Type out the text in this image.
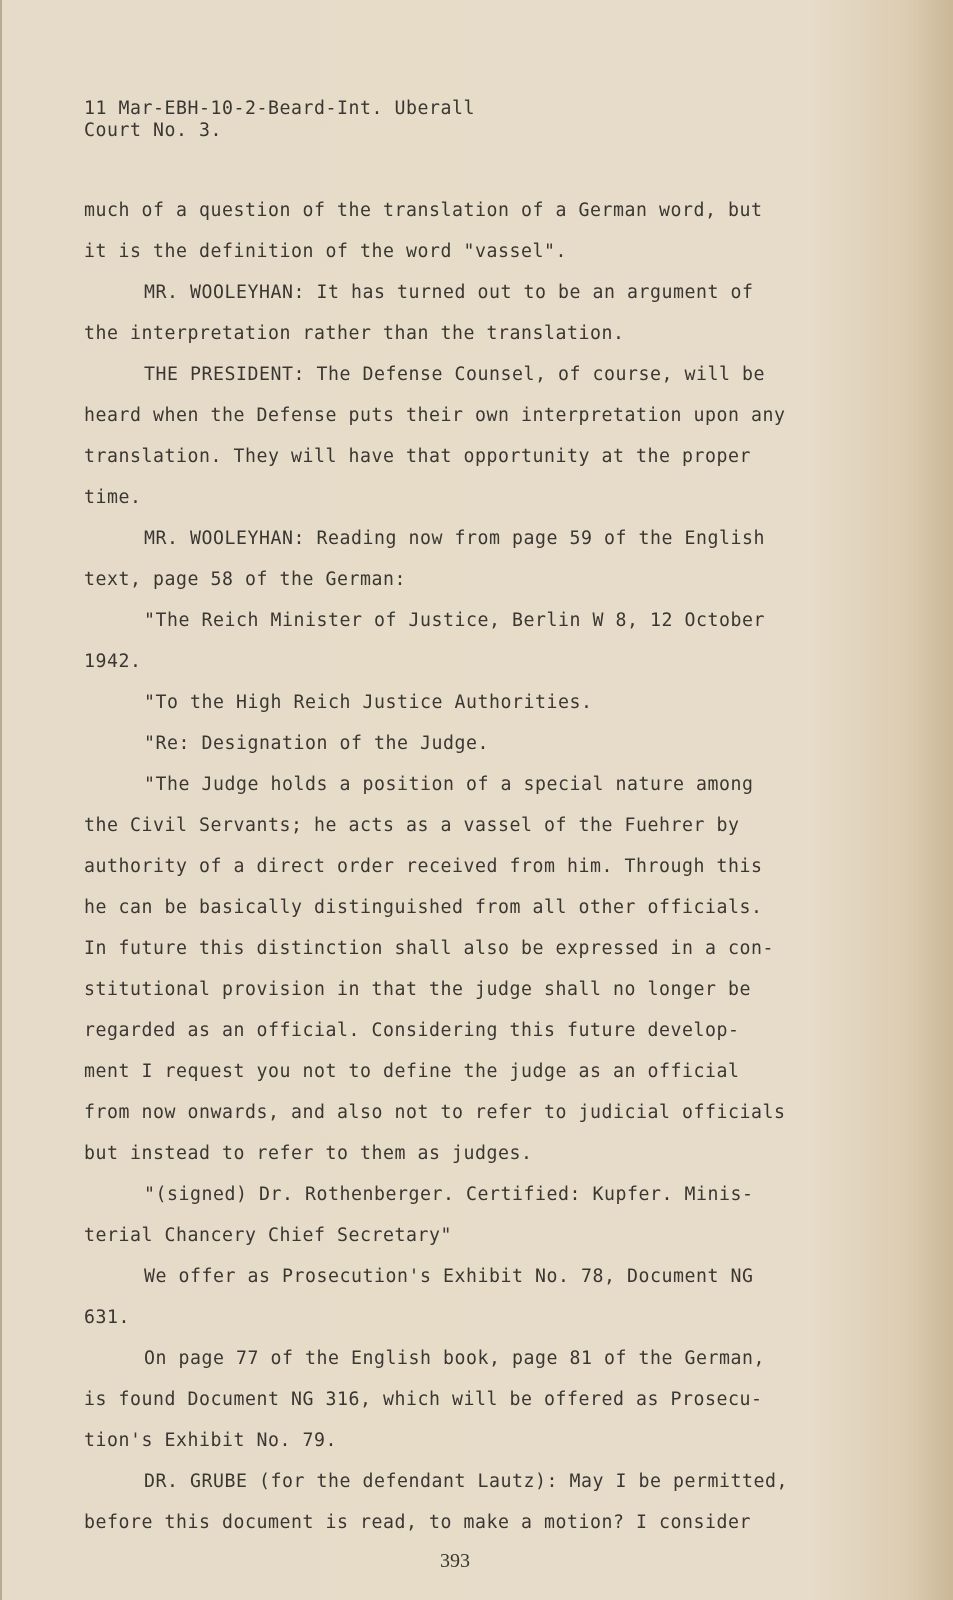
11 Mar-EBH-10-2-Beard-Int. Uberall
Court No. 3.
much of a question of the translation of a German word, but
it is the definition of the word "vassel".
MR. WOOLEYHAN: It has turned out to be an argument of
the interpretation rather than the translation.
THE PRESIDENT: The Defense Counsel, of course, will be
heard when the Defense puts their own interpretation upon any
translation. They will have that opportunity at the proper
time.
MR. WOOLEYHAN: Reading now from page 59 of the English
text, page 58 of the German:
"The Reich Minister of Justice, Berlin W 8, 12 October
1942.
"To the High Reich Justice Authorities.
"Re: Designation of the Judge.
"The Judge holds a position of a special nature among
the Civil Servants; he acts as a vassel of the Fuehrer by
authority of a direct order received from him. Through this
he can be basically distinguished from all other officials.
In future this distinction shall also be expressed in a con-
stitutional provision in that the judge shall no longer be
regarded as an official. Considering this future develop-
ment I request you not to define the judge as an official
from now onwards, and also not to refer to judicial officials
but instead to refer to them as judges.
"(signed) Dr. Rothenberger. Certified: Kupfer. Minis-
terial Chancery Chief Secretary"
We offer as Prosecution's Exhibit No. 78, Document NG
631.
On page 77 of the English book, page 81 of the German,
is found Document NG 316, which will be offered as Prosecu-
tion's Exhibit No. 79.
DR. GRUBE (for the defendant Lautz): May I be permitted,
before this document is read, to make a motion? I consider
393
